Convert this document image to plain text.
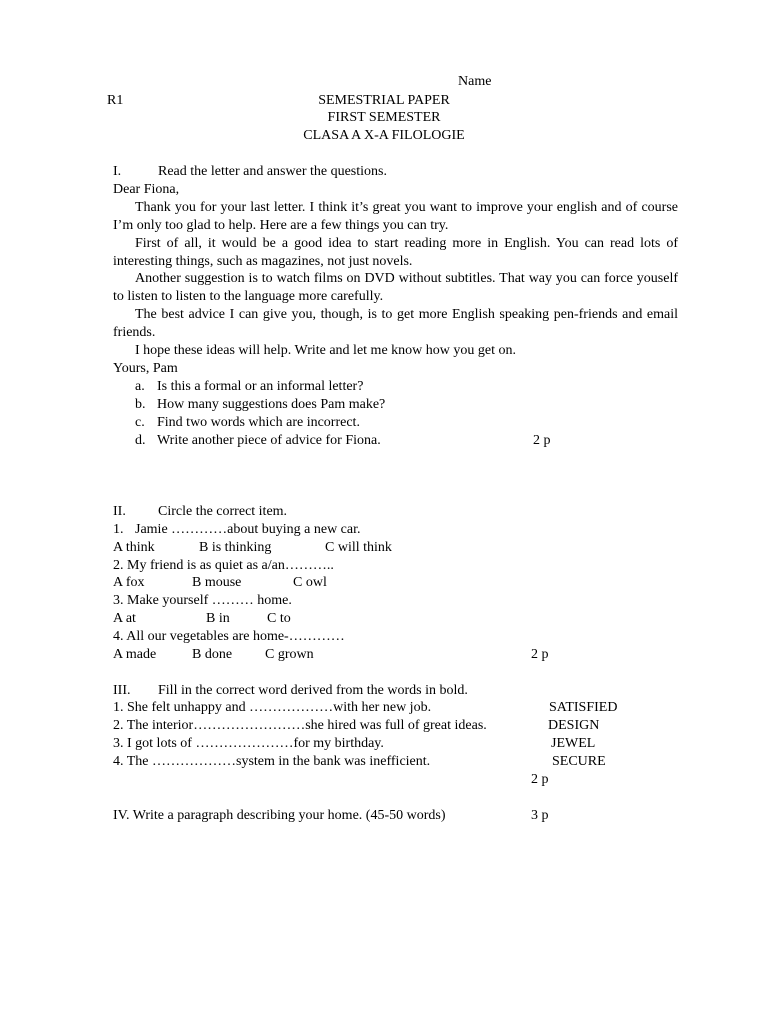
Name
R1	SEMESTRIAL PAPER
FIRST SEMESTER
CLASA A X-A FILOLOGIE
I.	Read the letter and answer the questions.
Dear Fiona,
Thank you for your last letter. I think it’s great you want to improve your english and of course I’m only too glad to help. Here are a few things you can try.
First of all, it would be a good idea to start reading more in English. You can read lots of interesting things, such as magazines, not just novels.
Another suggestion is to watch films on DVD without subtitles. That way you can force youself to listen to listen to the language more carefully.
The best advice I can give you, though, is to get more English speaking pen-friends and email friends.
I hope these ideas will help. Write and let me know how you get on.
Yours, Pam
a. Is this a formal or an informal letter?
b. How many suggestions does Pam make?
c. Find two words which are incorrect.
d. Write another piece of advice for Fiona.	2 p
II. Circle the correct item.
1. Jamie …………about buying a new car.
A think	B is thinking	C will think
2. My friend is as quiet as a/an………..
A fox	B mouse	C owl
3. Make yourself ……… home.
A at	B in	C to
4. All our vegetables are home-…………
A made	B done C grown	2 p
III. Fill in the correct word derived from the words in bold.
1. She felt unhappy and ………………with her new job.	SATISFIED
2. The interior……………………she hired was full of great ideas.	DESIGN
3. I got lots of …………………for my birthday.	JEWEL
4. The ………………system in the bank was inefficient.	SECURE
2 p
IV. Write a paragraph describing your home. (45-50 words)	3 p
